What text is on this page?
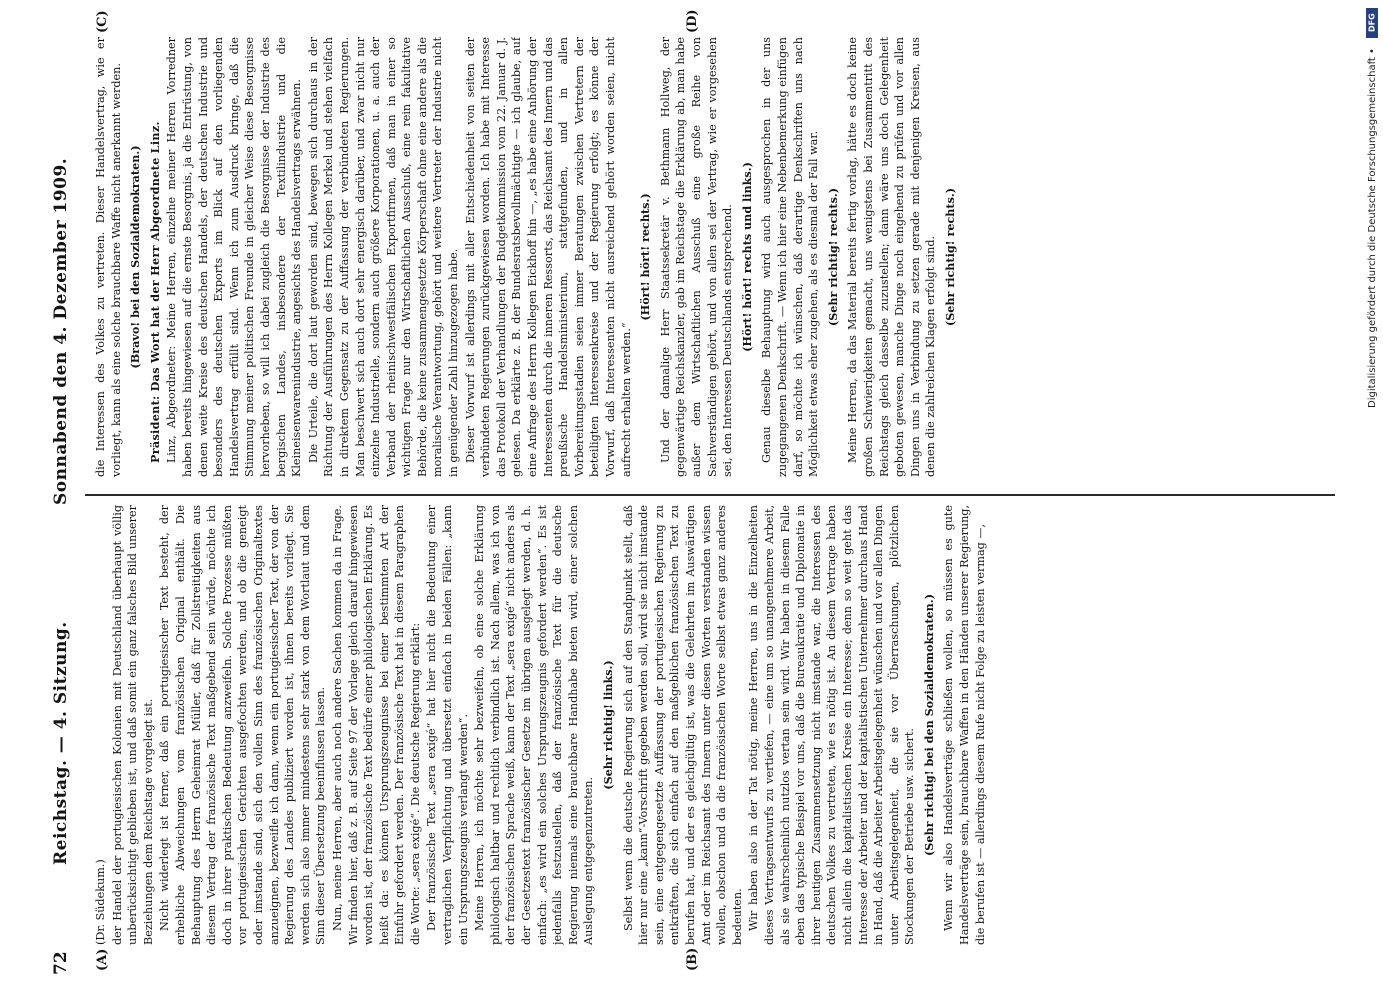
72
Reichstag. — 4. Sitzung.
Sonnabend den 4. Dezember 1909.
(A)	(B)
(C)	(D)

(Dr. Südekum.) der Handel der portugiesischen Kolonien mit Deutschland überhaupt völlig unberücksichtigt geblieben ist, und daß somit ein ganz falsches Bild unserer Beziehungen dem Reichstage vorgelegt ist. Nicht widerlegt ist ferner, daß ein portugiesischer Text besteht, der erhebliche Abweichungen vom französischen Original enthält. Die Behauptung des Herrn Geheimrat Müller, daß für Zollstreitigkeiten aus diesem Vertrag der französische Text maßgebend sein würde, möchte ich doch in ihrer praktischen Bedeutung anzweifeln. Solche Prozesse müßten vor portugiesischen Gerichten ausgefochten werden, und ob die geneigt oder imstande sind, sich den vollen Sinn des französischen Originaltextes anzueignen, bezweifle ich dann, wenn ein portugiesischer Text, der von der Regierung des Landes publiziert worden ist, ihnen bereits vorliegt. Sie werden sich also immer mindestens sehr stark von dem Wortlaut und dem Sinn dieser Übersetzung beeinflussen lassen. Nun, meine Herren, aber auch noch andere Sachen kommen da in Frage. Wir finden hier, daß z. B. auf Seite 97 der Vorlage gleich darauf hingewiesen worden ist, der französische Text bedürfe einer philologischen Erklärung. Es heißt da: es können Ursprungszeugnisse bei einer bestimmten Art der Einfuhr gefordert werden. Der französische Text hat in diesem Paragraphen die Worte: „sera exigé“. Die deutsche Regierung erklärt: Der französische Text „sera exigé“ hat hier nicht die Bedeutung einer vertraglichen Verpflichtung und übersetzt einfach in beiden Fällen: „kann ein Ursprungszeugnis verlangt werden“. Meine Herren, ich möchte sehr bezweifeln, ob eine solche Erklärung philologisch haltbar und rechtlich verbindlich ist. Nach allem, was ich von der französischen Sprache weiß, kann der Text „sera exigé“ nicht anders als der Gesetzestext französischer Gesetze im übrigen ausgelegt werden, d. h. einfach: „es wird ein solches Ursprungszeugnis gefordert werden“. Es ist jedenfalls festzustellen, daß der französische Text für die deutsche Regierung niemals eine brauchbare Handhabe bieten wird, einer solchen Auslegung entgegenzutreten.

(Sehr richtig! links.) Selbst wenn die deutsche Regierung sich auf den Standpunkt stellt, daß hier nur eine „kann“-Vorschrift gegeben werden soll, wird sie nicht imstande sein, eine entgegengesetzte Auffassung der portugiesischen Regierung zu entkräften, die sich einfach auf den maßgeblichen französischen Text zu berufen hat, und der es gleichgültig ist, was die Gelehrten im Auswärtigen Amt oder im Reichsamt des Innern unter diesen Worten verstanden wissen wollen, obschon und da die französischen Worte selbst etwas ganz anderes bedeuten. Wir haben also in der Tat nötig, meine Herren, uns in die Einzelheiten dieses Vertragsentwurfs zu vertiefen, — eine um so unangenehmere Arbeit, als sie wahrscheinlich nutzlos vertan sein wird. Wir haben in diesem Falle eben das typische Beispiel vor uns, daß die Bureaukratie und Diplomatie in ihrer heutigen Zusammensetzung nicht imstande war, die Interessen des deutschen Volkes zu vertreten, wie es nötig ist. An diesem Vertrage haben nicht allein die kapitalistischen Kreise ein Interesse; denn so weit geht das Interesse der Arbeiter und der kapitalistischen Unternehmer durchaus Hand in Hand, daß die Arbeiter Arbeitsgelegenheit wünschen und vor allen Dingen unter Arbeitsgelegenheit, die sie vor Überraschungen, plötzlichen Stockungen der Betriebe usw. sichert. (Sehr richtig! bei den Sozialdemokraten.) Wenn wir also Handelsverträge schließen wollen, so müssen es gute Handelsverträge sein, brauchbare Waffen in den Händen unserer Regierung, die berufen ist — allerdings diesem Rufe nicht Folge zu leisten vermag —,

die Interessen des Volkes zu vertreten. Dieser Handelsvertrag, wie er vorliegt, kann als eine solche brauchbare Waffe nicht anerkannt werden. (Bravo! bei den Sozialdemokraten.) Präsident: Das Wort hat der Herr Abgeordnete Linz. Linz, Abgeordneter: Meine Herren, einzelne meiner Herren Vorredner haben bereits hingewiesen auf die ernste Besorgnis, ja die Entrüstung, von denen weite Kreise des deutschen Handels, der deutschen Industrie und besonders des deutschen Exports im Blick auf den vorliegenden Handelsvertrag erfüllt sind. Wenn ich zum Ausdruck bringe, daß die Stimmung meiner politischen Freunde in gleicher Weise diese Besorgnisse hervorheben, so will ich dabei zugleich die Besorgnisse der Industrie des bergischen Landes, insbesondere der Textilindustrie und die Kleineisenwarenindustrie, angesichts des Handelsvertrags erwähnen. Die Urteile, die dort laut geworden sind, bewegen sich durchaus in der Richtung der Ausführungen des Herrn Kollegen Merkel und stehen vielfach in direktem Gegensatz zu der Auffassung der verbündeten Regierungen. Man beschwert sich auch dort sehr energisch darüber, und zwar nicht nur einzelne Industrielle, sondern auch größere Korporationen, u. a. auch der Verband der rheinischwestfälischen Exportfirmen, daß man in einer so wichtigen Frage nur den Wirtschaftlichen Ausschuß, eine rein fakultative Behörde, die keine zusammengesetzte Körperschaft ohne eine andere als die moralische Verantwortung, gehört und weitere Vertreter der Industrie nicht in genügender Zahl hinzugezogen habe. Dieser Vorwurf ist allerdings mit aller Entschiedenheit von seiten der verbündeten Regierungen zurückgewiesen worden. Ich habe mit Interesse das Protokoll der Verhandlungen der Budgetkommission vom 22. Januar d. J. gelesen. Da erklärte z. B. der Bundesratsbevollmächtigte — ich glaube, auf eine Anfrage des Herrn Kollegen Eickhoff hin —, „es habe eine Anhörung der Interessenten durch die inneren Ressorts, das Reichsamt des Innern und das preußische Handelsministerium, stattgefunden, und in allen Vorbereitungsstadien seien immer Beratungen zwischen Vertretern der beteiligten Interessenkreise und der Regierung erfolgt; es könne der Vorwurf, daß Interessenten nicht ausreichend gehört worden seien, nicht aufrecht erhalten werden.“

(Hört! hört! rechts.) Und der damalige Herr Staatssekretär v. Bethmann Hollweg, der gegenwärtige Reichskanzler, gab im Reichstage die Erklärung ab, man habe außer dem Wirtschaftlichen Ausschuß eine große Reihe von Sachverständigen gehört, und von allen sei der Vertrag, wie er vorgesehen sei, den Interessen Deutschlands entsprechend. (Hört! hört! rechts und links.) Genau dieselbe Behauptung wird auch ausgesprochen in der uns zugegangenen Denkschrift. — Wenn ich hier eine Nebenbemerkung einfügen darf, so möchte ich wünschen, daß derartige Denkschriften uns nach Möglichkeit etwas eher zugehen, als es diesmal der Fall war. (Sehr richtig! rechts.) Meine Herren, da das Material bereits fertig vorlag, hätte es doch keine großen Schwierigkeiten gemacht, uns wenigstens bei Zusammentritt des Reichstags gleich dasselbe zuzustellen; dann wäre uns doch Gelegenheit geboten gewesen, manche Dinge noch eingehend zu prüfen und vor allen Dingen uns in Verbindung zu setzen gerade mit denjenigen Kreisen, aus denen die zahlreichen Klagen erfolgt sind. (Sehr richtig! rechts.)

DFG
Digitalisierung gefördert durch die Deutsche Forschungsgemeinschaft •
